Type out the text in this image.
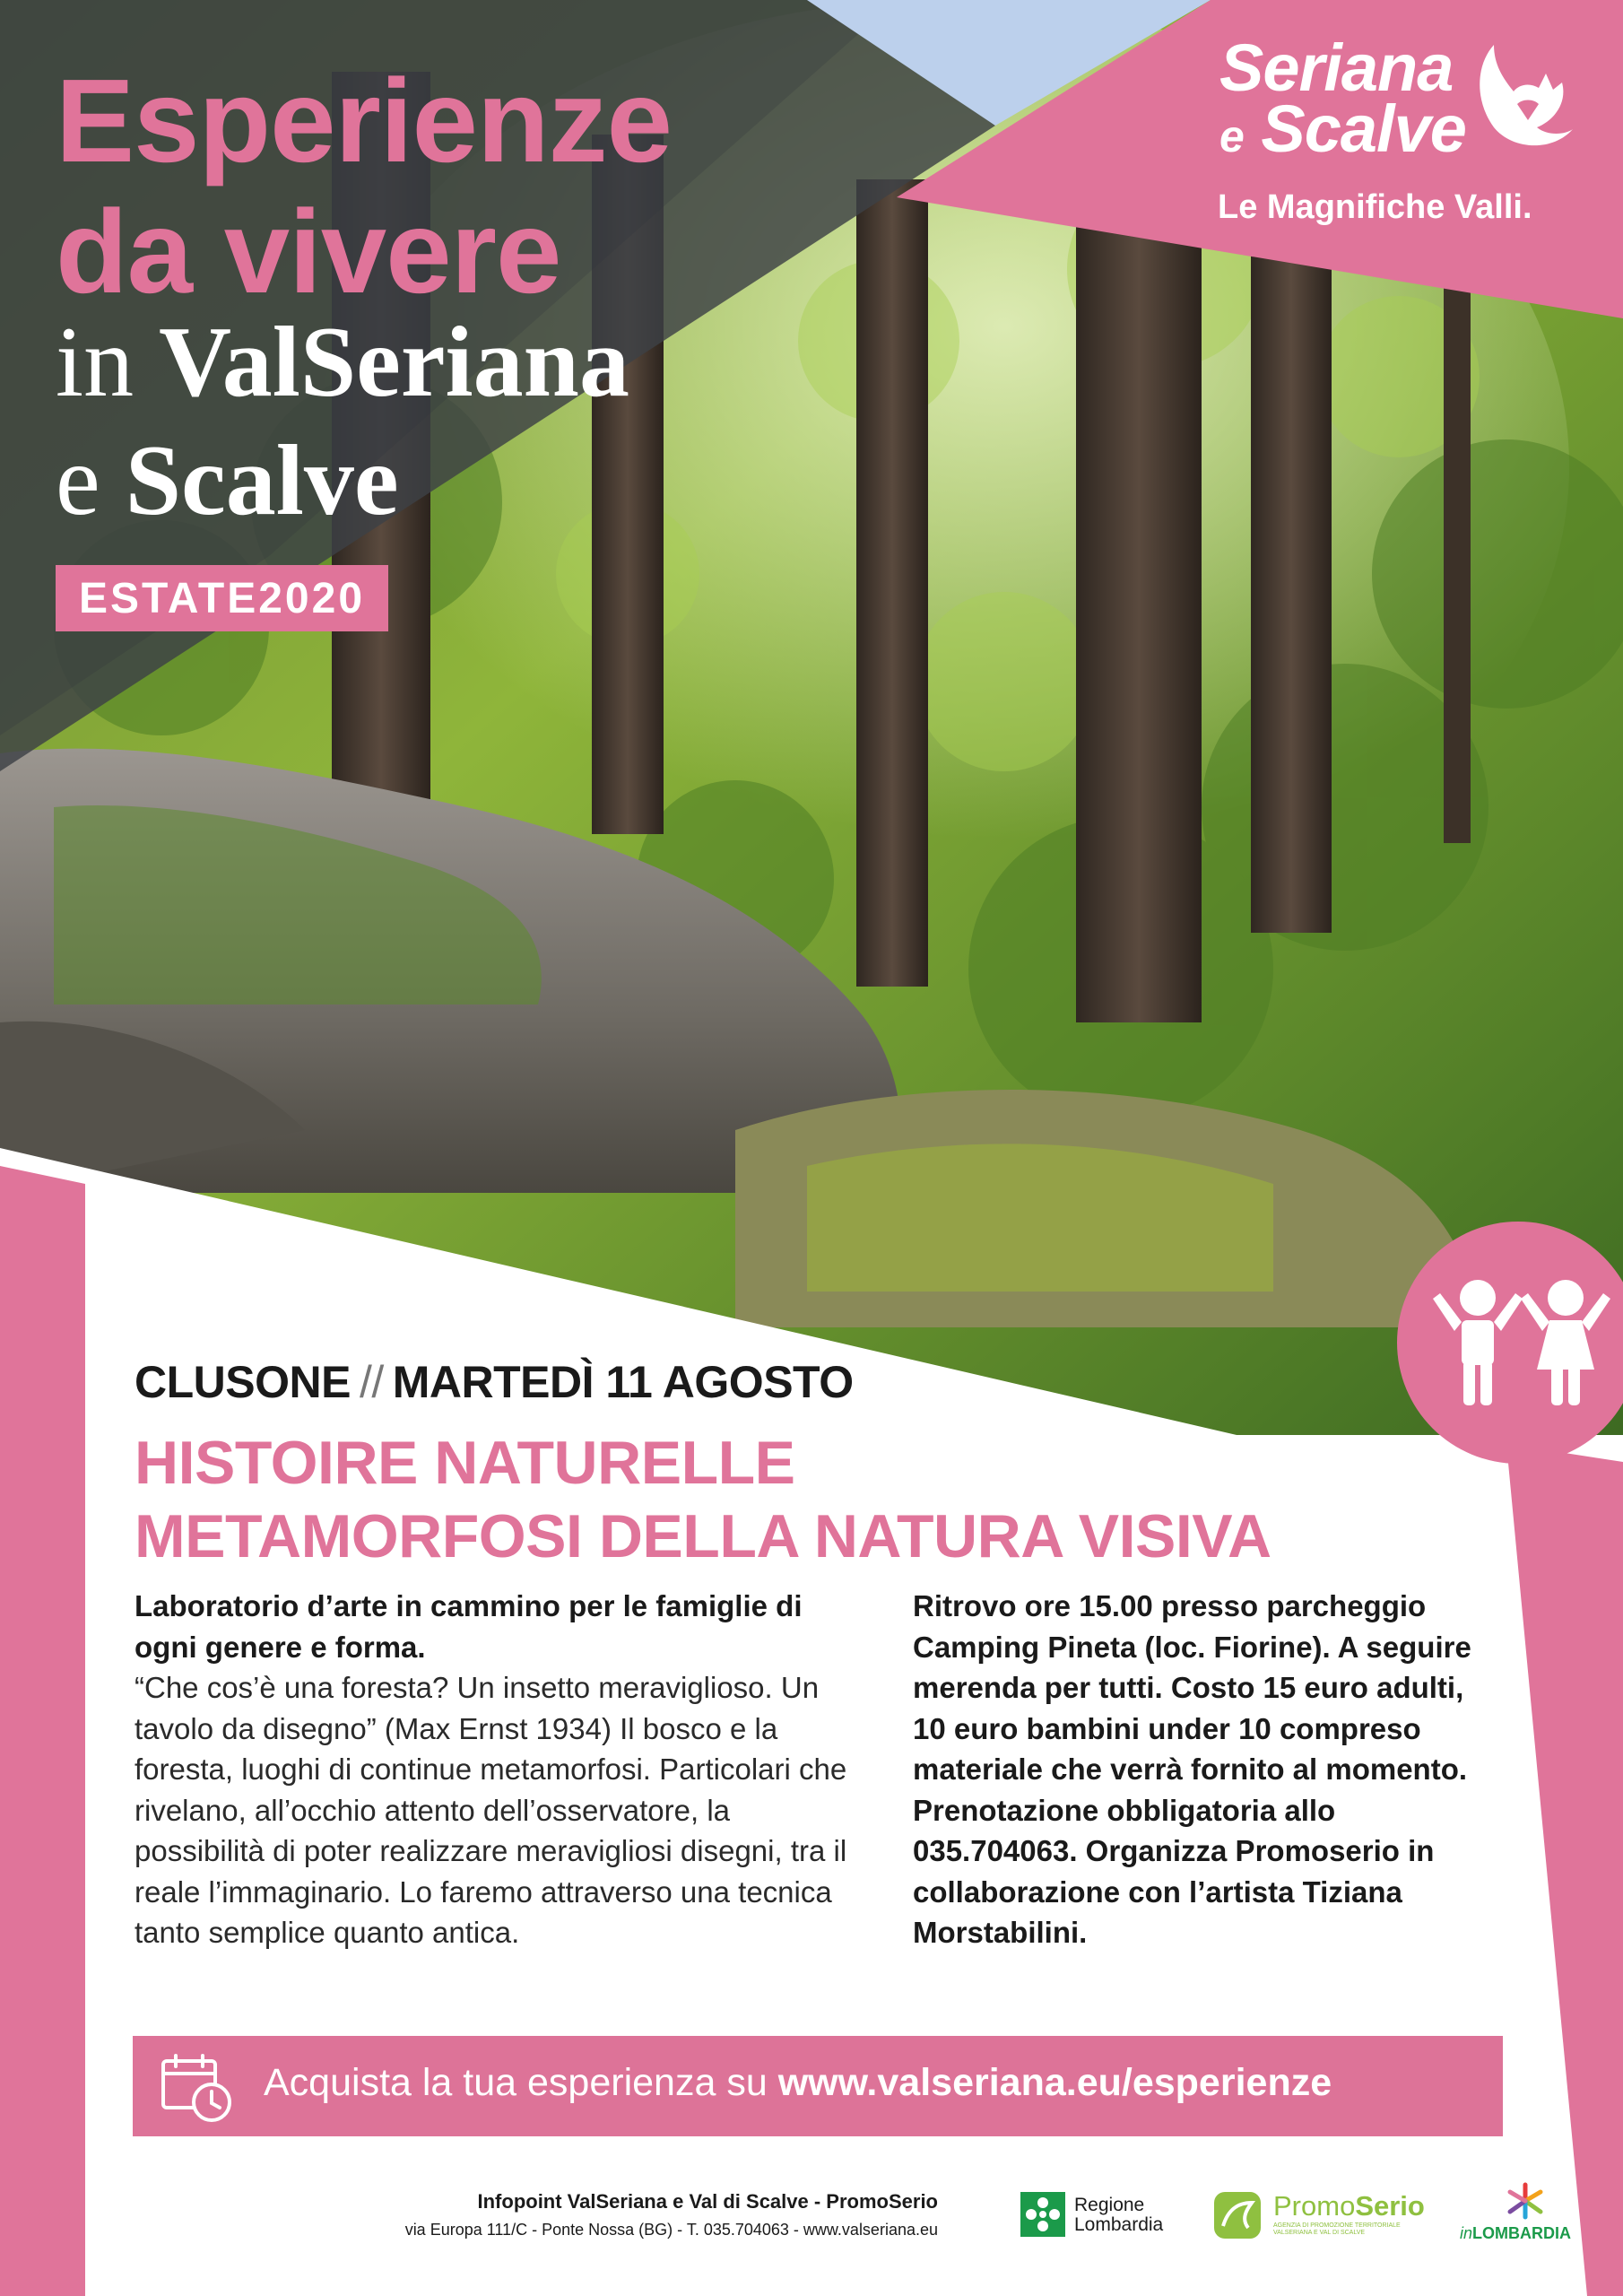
Esperienze
da vivere
in ValSeriana
e Scalve
ESTATE2020
Seriana
e Scalve
Le Magnifiche Valli.
CLUSONE // MARTEDÌ 11 AGOSTO
HISTOIRE NATURELLE
METAMORFOSI DELLA NATURA VISIVA
Laboratorio d’arte in cammino per le famiglie di ogni genere e forma.
“Che cos’è una foresta? Un insetto meraviglioso. Un tavolo da disegno” (Max Ernst 1934) Il bosco e la foresta, luoghi di continue metamorfosi. Particolari che rivelano, all’occhio attento dell’osservatore, la possibilità di poter realizzare meravigliosi disegni, tra il reale l’immaginario. Lo faremo attraverso una tecnica tanto semplice quanto antica.
Ritrovo ore 15.00 presso parcheggio Camping Pineta (loc. Fiorine). A seguire merenda per tutti. Costo 15 euro adulti, 10 euro bambini under 10 compreso materiale che verrà fornito al momento. Prenotazione obbligatoria allo 035.704063. Organizza Promoserio in collaborazione con l’artista Tiziana Morstabilini.
Acquista la tua esperienza su www.valseriana.eu/esperienze
Infopoint ValSeriana e Val di Scalve - PromoSerio
via Europa 111/C - Ponte Nossa (BG) - T. 035.704063 - www.valseriana.eu
Regione
Lombardia
PromoSerio
AGENZIA DI PROMOZIONE TERRITORIALE VALSERIANA E VAL DI SCALVE	inLOMBARDIA
